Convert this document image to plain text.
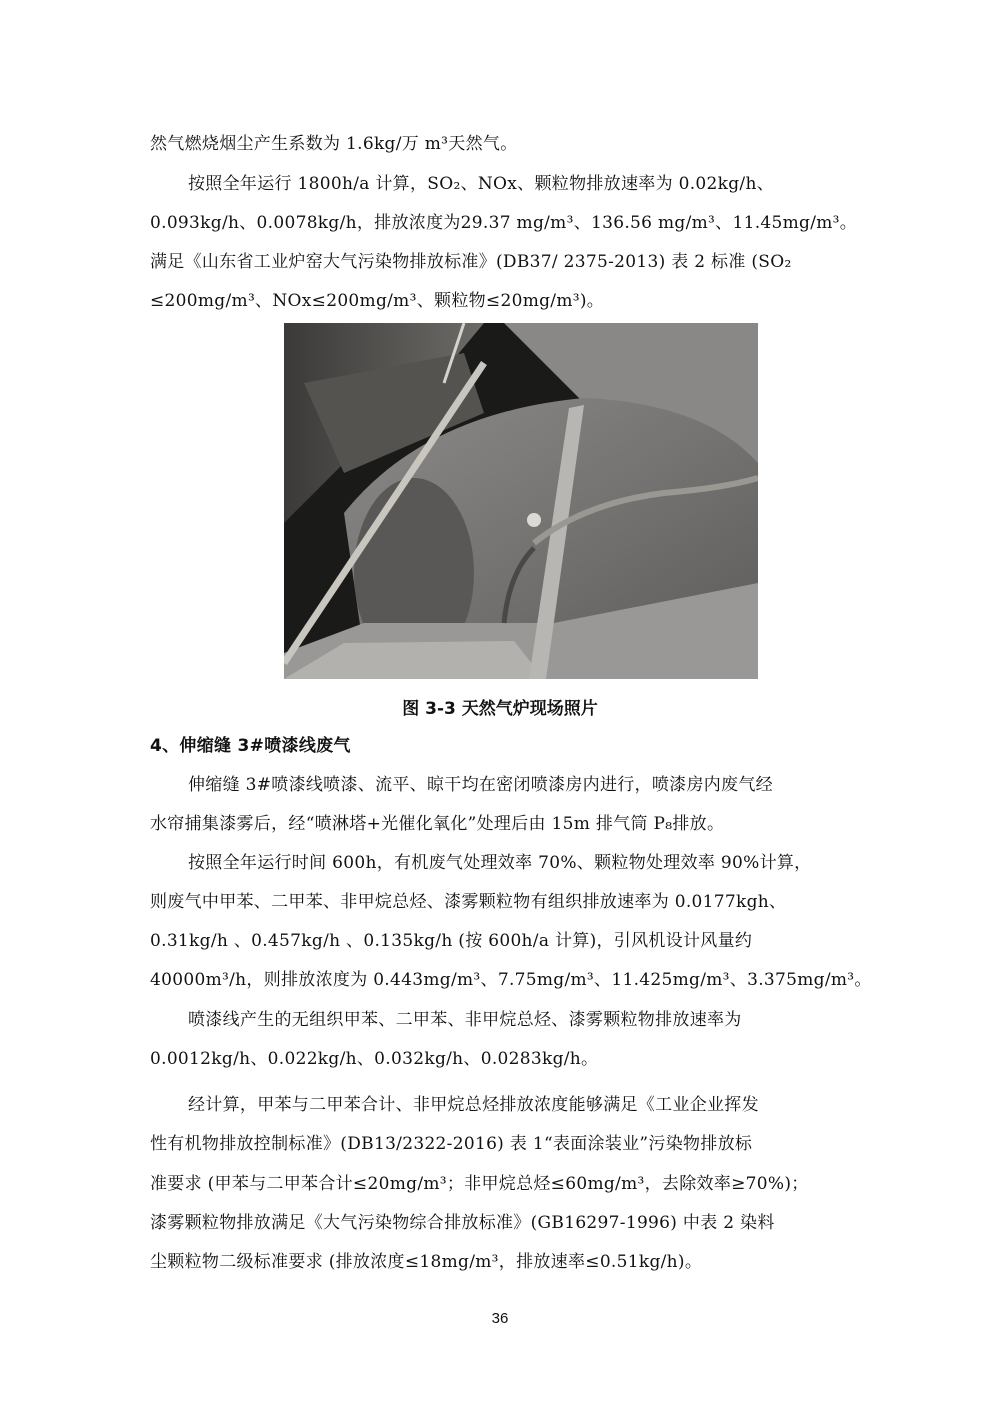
然气燃烧烟尘产生系数为 1.6kg/万 m³天然气。
按照全年运行 1800h/a 计算，SO₂、NOx、颗粒物排放速率为 0.02kg/h、
0.093kg/h、0.0078kg/h，排放浓度为29.37 mg/m³、136.56 mg/m³、11.45mg/m³。
满足《山东省工业炉窑大气污染物排放标准》(DB37/ 2375-2013) 表 2 标准 (SO₂
≤200mg/m³、NOx≤200mg/m³、颗粒物≤20mg/m³)。
图 3-3 天然气炉现场照片
4、伸缩缝 3#喷漆线废气
伸缩缝 3#喷漆线喷漆、流平、晾干均在密闭喷漆房内进行，喷漆房内废气经
水帘捕集漆雾后，经“喷淋塔+光催化氧化”处理后由 15m 排气筒 P₈排放。
按照全年运行时间 600h，有机废气处理效率 70%、颗粒物处理效率 90%计算，
则废气中甲苯、二甲苯、非甲烷总烃、漆雾颗粒物有组织排放速率为 0.0177kgh、
0.31kg/h 、0.457kg/h 、0.135kg/h (按 600h/a 计算)，引风机设计风量约
40000m³/h，则排放浓度为 0.443mg/m³、7.75mg/m³、11.425mg/m³、3.375mg/m³。
喷漆线产生的无组织甲苯、二甲苯、非甲烷总烃、漆雾颗粒物排放速率为
0.0012kg/h、0.022kg/h、0.032kg/h、0.0283kg/h。
经计算，甲苯与二甲苯合计、非甲烷总烃排放浓度能够满足《工业企业挥发
性有机物排放控制标准》(DB13/2322-2016) 表 1“表面涂装业”污染物排放标
准要求 (甲苯与二甲苯合计≤20mg/m³；非甲烷总烃≤60mg/m³，去除效率≥70%)；
漆雾颗粒物排放满足《大气污染物综合排放标准》(GB16297-1996) 中表 2 染料
尘颗粒物二级标准要求 (排放浓度≤18mg/m³，排放速率≤0.51kg/h)。
36
